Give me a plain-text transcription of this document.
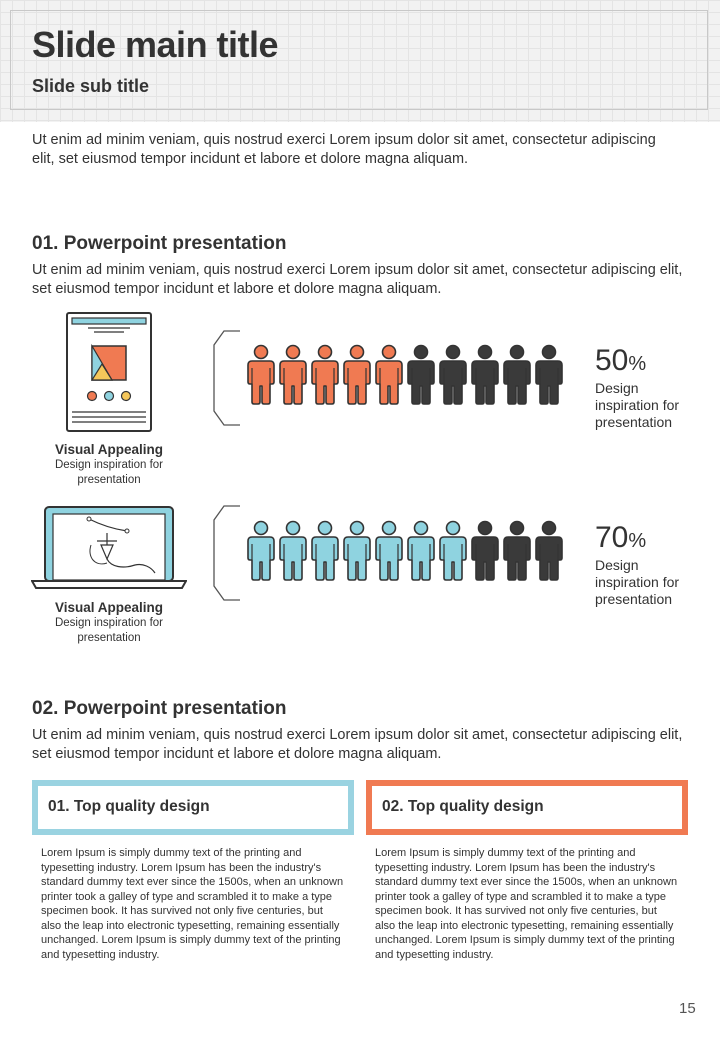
Slide main title
Slide sub title

Ut enim ad minim veniam, quis nostrud exerci Lorem ipsum dolor sit amet, consectetur adipiscing elit, set eiusmod tempor incidunt et labore et dolore magna aliquam.

01. Powerpoint presentation

Ut enim ad minim veniam, quis nostrud exerci Lorem ipsum dolor sit amet, consectetur adipiscing elit, set eiusmod tempor incidunt et labore et dolore magna aliquam.

Visual Appealing
Design inspiration for presentation
50%
Design inspiration for presentation
Visual Appealing
Design inspiration for presentation
70%
Design inspiration for presentation
02. Powerpoint presentation

Ut enim ad minim veniam, quis nostrud exerci Lorem ipsum dolor sit amet, consectetur adipiscing elit, set eiusmod tempor incidunt et labore et dolore magna aliquam.

01. Top quality design

Lorem Ipsum is simply dummy text of the printing and typesetting industry. Lorem Ipsum has been the industry's standard dummy text ever since the 1500s, when an unknown printer took a galley of type and scrambled it to make a type specimen book. It has survived not only five centuries, but also the leap into electronic typesetting, remaining essentially unchanged. Lorem Ipsum is simply dummy text of the printing and typesetting industry.

02. Top quality design

Lorem Ipsum is simply dummy text of the printing and typesetting industry. Lorem Ipsum has been the industry's standard dummy text ever since the 1500s, when an unknown printer took a galley of type and scrambled it to make a type specimen book. It has survived not only five centuries, but also the leap into electronic typesetting, remaining essentially unchanged. Lorem Ipsum is simply dummy text of the printing and typesetting industry.

15
